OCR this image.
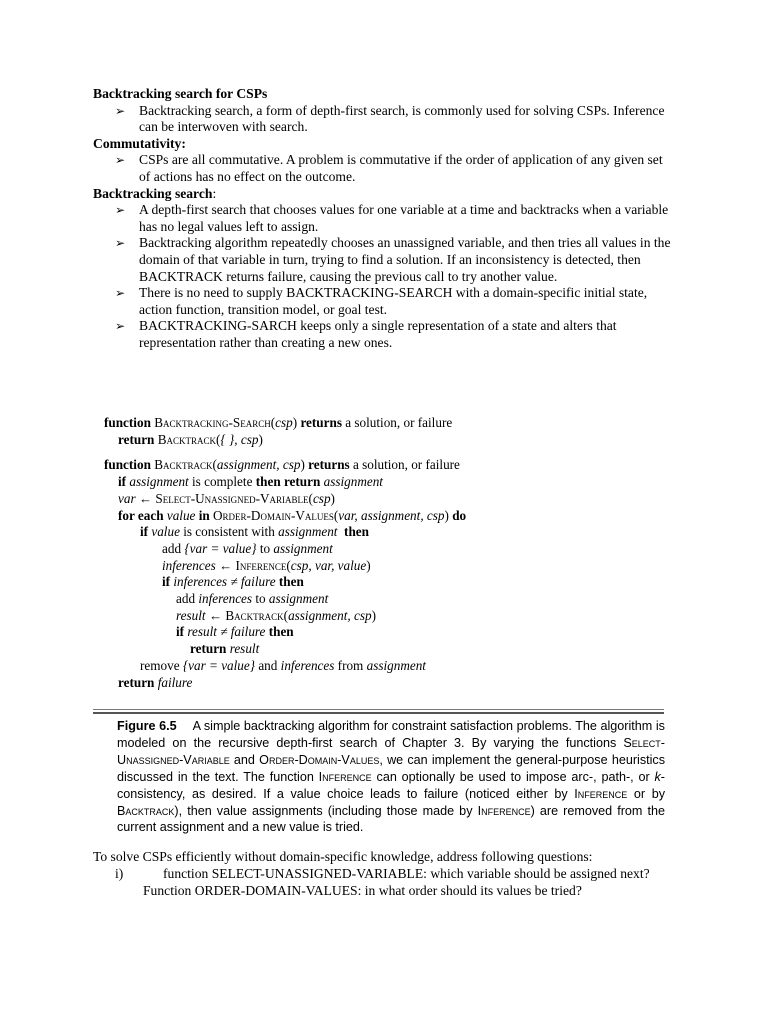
Backtracking search for CSPs
➢ Backtracking search, a form of depth-first search, is commonly used for solving CSPs. Inference can be interwoven with search.
Commutativity:
➢ CSPs are all commutative. A problem is commutative if the order of application of any given set of actions has no effect on the outcome.
Backtracking search:
➢ A depth-first search that chooses values for one variable at a time and backtracks when a variable has no legal values left to assign.
➢ Backtracking algorithm repeatedly chooses an unassigned variable, and then tries all values in the domain of that variable in turn, trying to find a solution. If an inconsistency is detected, then BACKTRACK returns failure, causing the previous call to try another value.
➢ There is no need to supply BACKTRACKING-SEARCH with a domain-specific initial state, action function, transition model, or goal test.
➢ BACKTRACKING-SARCH keeps only a single representation of a state and alters that representation rather than creating a new ones.
function Backtracking-Search(csp) returns a solution, or failure
return Backtrack({ }, csp)
function Backtrack(assignment, csp) returns a solution, or failure
if assignment is complete then return assignment
var ← Select-Unassigned-Variable(csp)
for each value in Order-Domain-Values(var, assignment, csp) do
if value is consistent with assignment then
add {var = value} to assignment
inferences ← Inference(csp, var, value)
if inferences ≠ failure then
add inferences to assignment
result ← Backtrack(assignment, csp)
if result ≠ failure then
return result
remove {var = value} and inferences from assignment
return failure
Figure 6.5 A simple backtracking algorithm for constraint satisfaction problems. The algorithm is modeled on the recursive depth-first search of Chapter 3. By varying the functions Select-Unassigned-Variable and Order-Domain-Values, we can implement the general-purpose heuristics discussed in the text. The function Inference can optionally be used to impose arc-, path-, or k-consistency, as desired. If a value choice leads to failure (noticed either by Inference or by Backtrack), then value assignments (including those made by Inference) are removed from the current assignment and a new value is tried.
To solve CSPs efficiently without domain-specific knowledge, address following questions:
i)	function SELECT-UNASSIGNED-VARIABLE: which variable should be assigned next?
Function ORDER-DOMAIN-VALUES: in what order should its values be tried?
